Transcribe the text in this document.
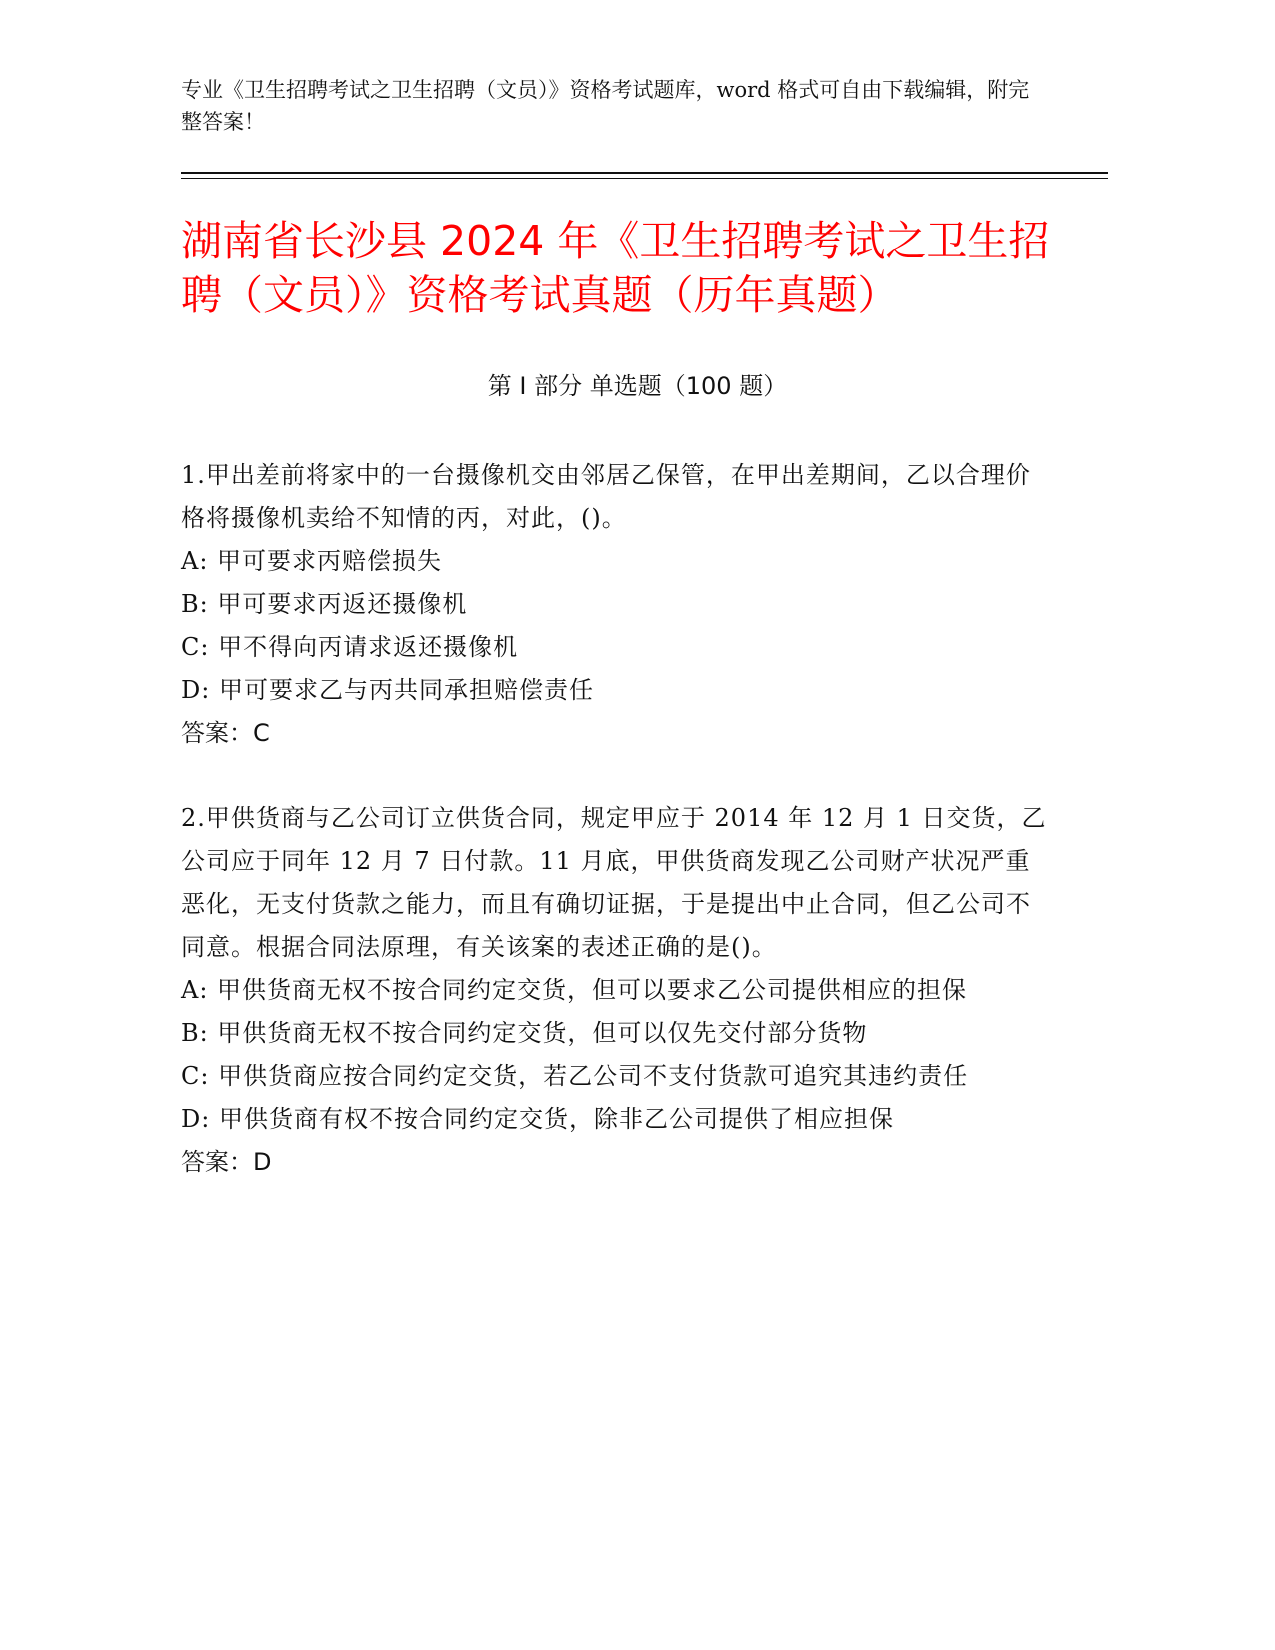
专业《卫生招聘考试之卫生招聘（文员）》资格考试题库，word 格式可自由下载编辑，附完整答案！
湖南省长沙县 2024 年《卫生招聘考试之卫生招聘（文员）》资格考试真题（历年真题）
第 I 部分 单选题（100 题）
1.甲出差前将家中的一台摄像机交由邻居乙保管，在甲出差期间，乙以合理价格将摄像机卖给不知情的丙，对此，()。
A: 甲可要求丙赔偿损失
B: 甲可要求丙返还摄像机
C: 甲不得向丙请求返还摄像机
D: 甲可要求乙与丙共同承担赔偿责任
答案：C
2.甲供货商与乙公司订立供货合同，规定甲应于 2014 年 12 月 1 日交货，乙公司应于同年 12 月 7 日付款。11 月底，甲供货商发现乙公司财产状况严重恶化，无支付货款之能力，而且有确切证据，于是提出中止合同，但乙公司不同意。根据合同法原理，有关该案的表述正确的是()。
A: 甲供货商无权不按合同约定交货，但可以要求乙公司提供相应的担保
B: 甲供货商无权不按合同约定交货，但可以仅先交付部分货物
C: 甲供货商应按合同约定交货，若乙公司不支付货款可追究其违约责任
D: 甲供货商有权不按合同约定交货，除非乙公司提供了相应担保
答案：D
